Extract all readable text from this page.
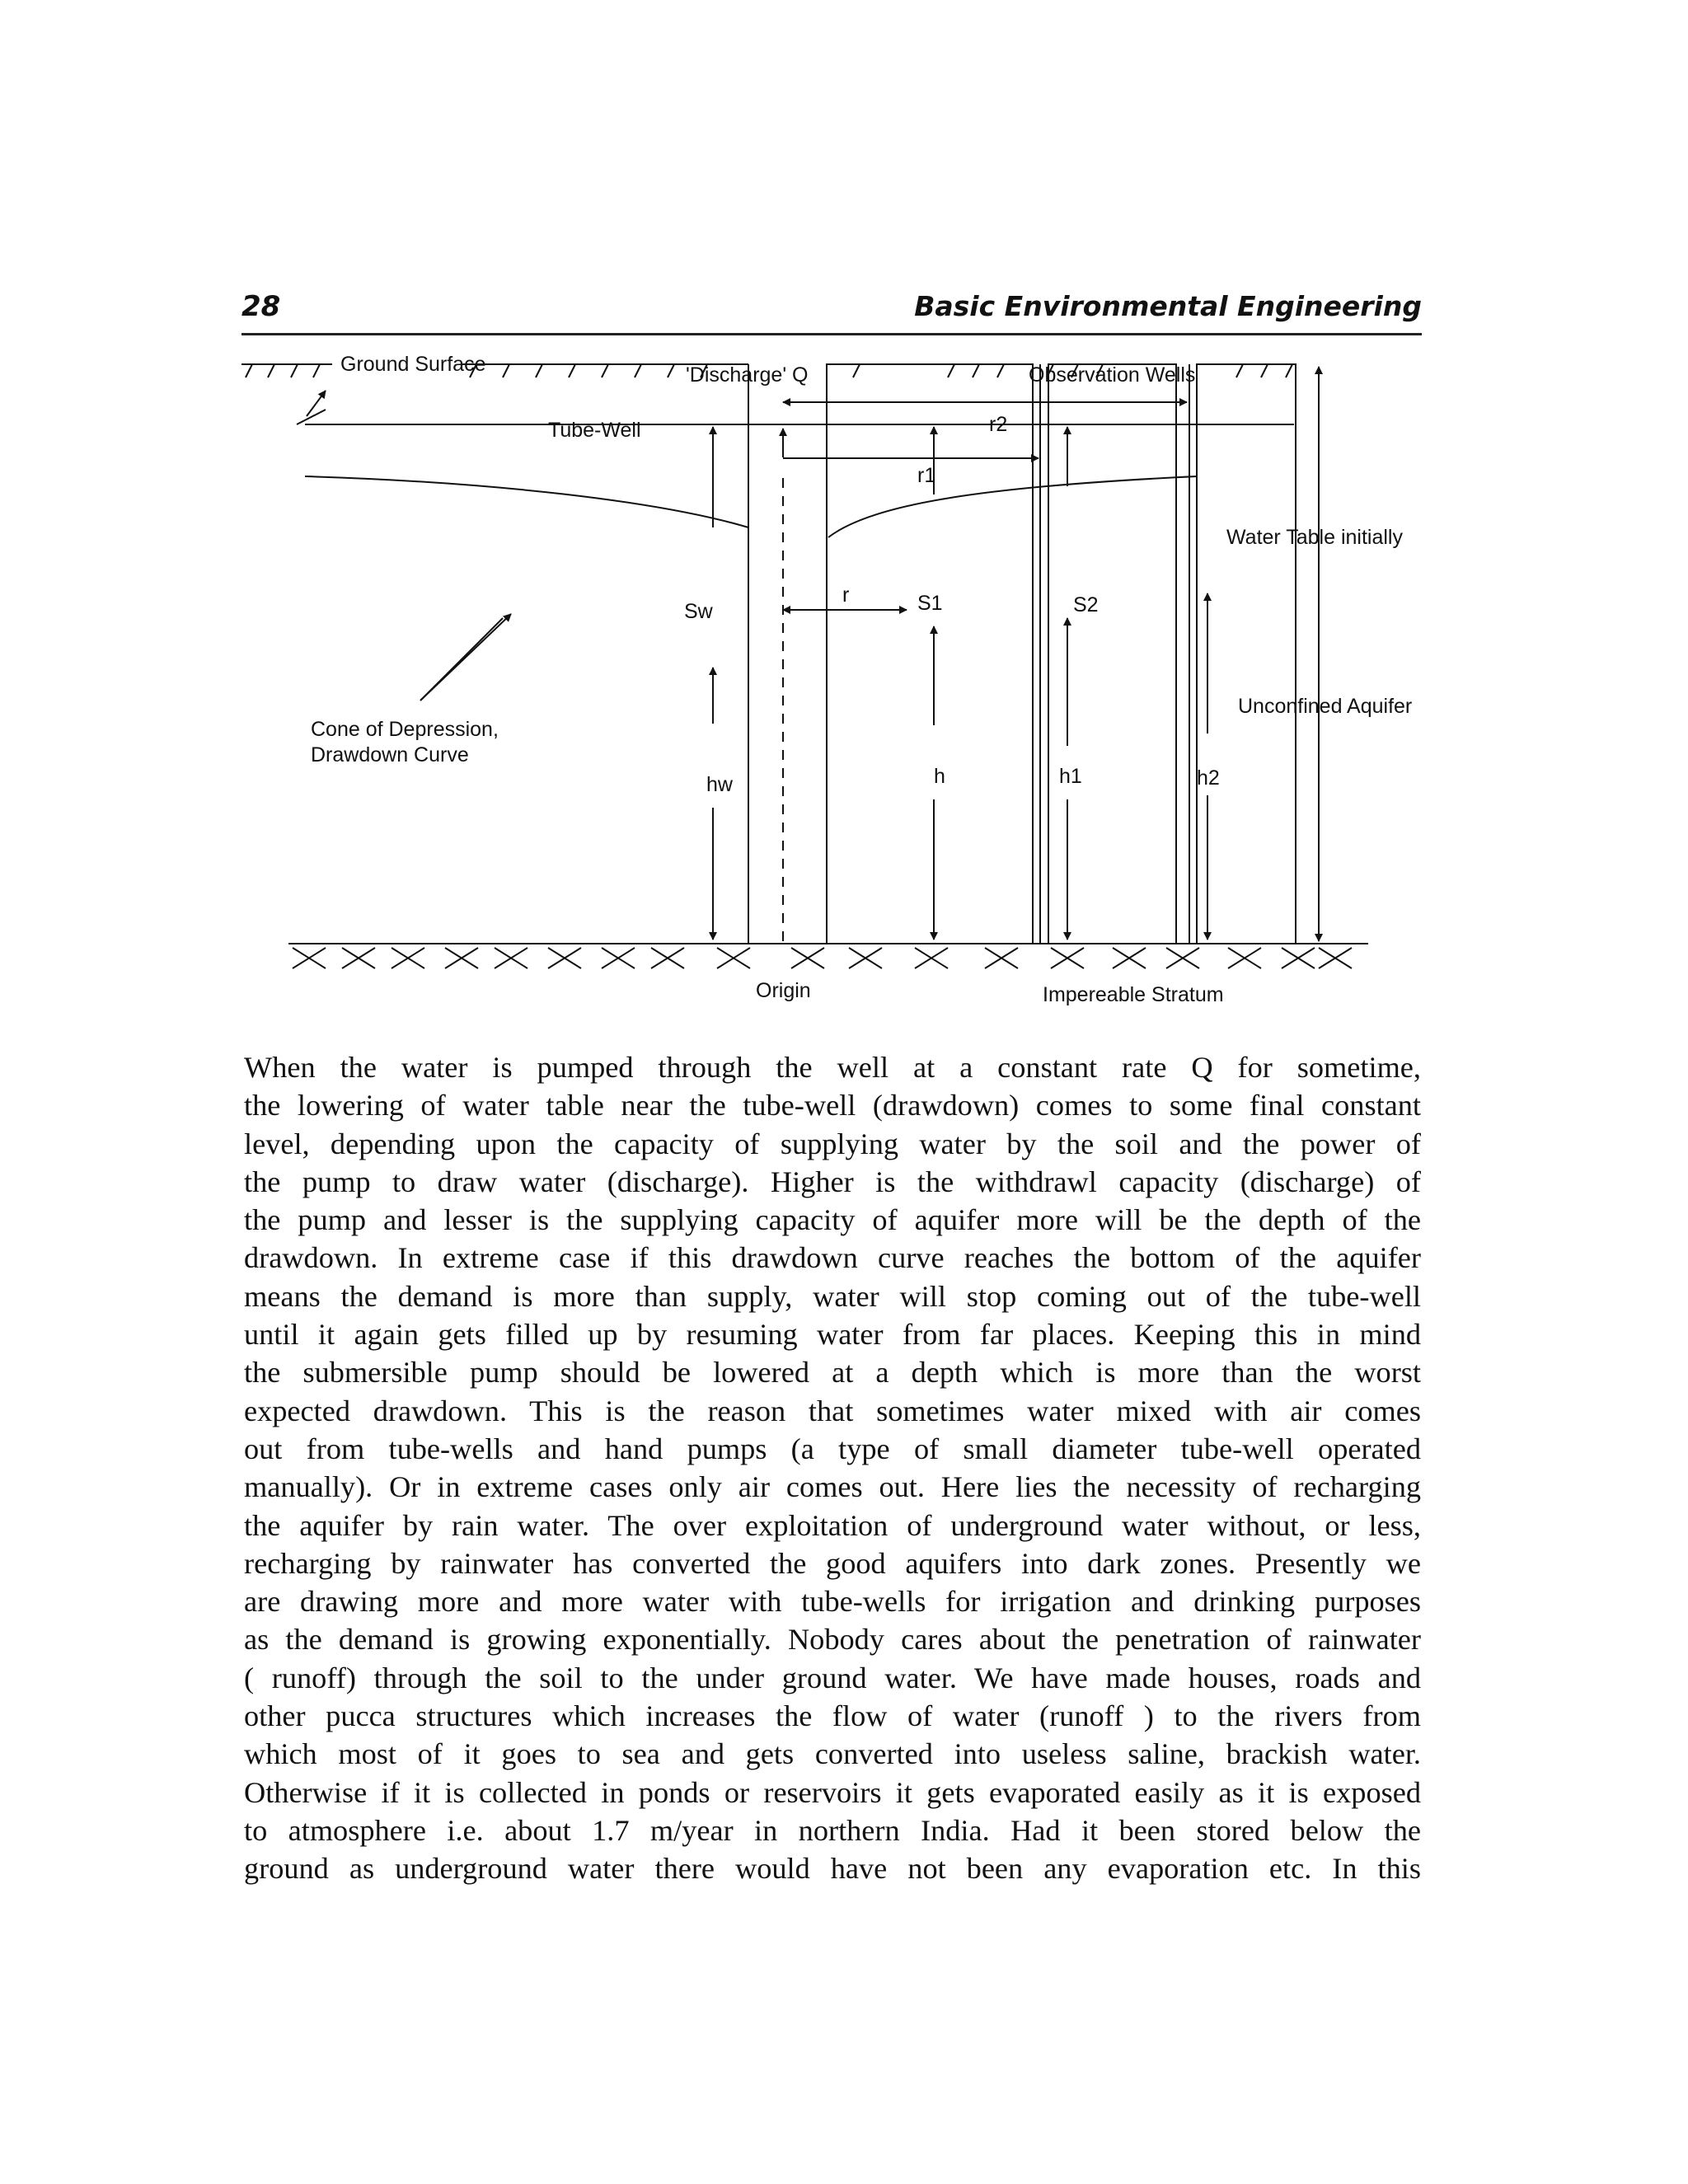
28	Basic Environmental Engineering
'Discharge' Q	Observation Wells
Tube-Well	r2
r1
Ground Surface
Water Table initially
Sw
r	S1	S2
Unconfined Aquifer
Cone of Depression,
Drawdown Curve
hw	h	h1	h2
Origin	Impereable Stratum

When the water is pumped through the well at a constant rate Q for sometime,
the lowering of water table near the tube-well (drawdown) comes to some final constant
level, depending upon the capacity of supplying water by the soil and the power of
the pump to draw water (discharge). Higher is the withdrawl capacity (discharge) of
the pump and lesser is the supplying capacity of aquifer more will be the depth of the
drawdown. In extreme case if this drawdown curve reaches the bottom of the aquifer
means the demand is more than supply, water will stop coming out of the tube-well
until it again gets filled up by resuming water from far places. Keeping this in mind
the submersible pump should be lowered at a depth which is more than the worst
expected drawdown. This is the reason that sometimes water mixed with air comes
out from tube-wells and hand pumps (a type of small diameter tube-well operated
manually). Or in extreme cases only air comes out. Here lies the necessity of recharging
the aquifer by rain water. The over exploitation of underground water without, or less,
recharging by rainwater has converted the good aquifers into dark zones. Presently we
are drawing more and more water with tube-wells for irrigation and drinking purposes
as the demand is growing exponentially. Nobody cares about the penetration of rainwater
( runoff) through the soil to the under ground water. We have made houses, roads and
other pucca structures which increases the flow of water (runoff ) to the rivers from
which most of it goes to sea and gets converted into useless saline, brackish water.
Otherwise if it is collected in ponds or reservoirs it gets evaporated easily as it is exposed
to atmosphere i.e. about 1.7 m/year in northern India. Had it been stored below the
ground as underground water there would have not been any evaporation etc. In this
